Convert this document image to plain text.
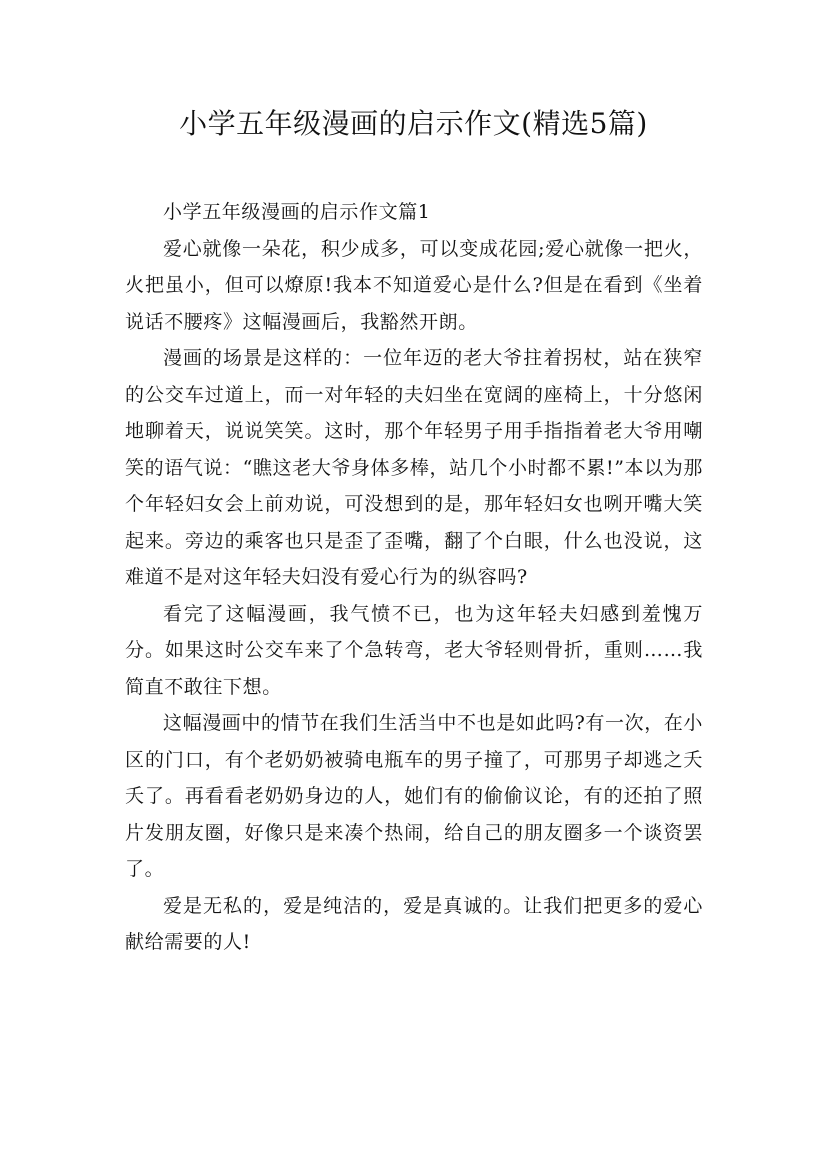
小学五年级漫画的启示作文(精选5篇)

小学五年级漫画的启示作文篇1

爱心就像一朵花，积少成多，可以变成花园;爱心就像一把火，火把虽小，但可以燎原!我本不知道爱心是什么?但是在看到《坐着说话不腰疼》这幅漫画后，我豁然开朗。

漫画的场景是这样的：一位年迈的老大爷拄着拐杖，站在狭窄的公交车过道上，而一对年轻的夫妇坐在宽阔的座椅上，十分悠闲地聊着天，说说笑笑。这时，那个年轻男子用手指指着老大爷用嘲笑的语气说：“瞧这老大爷身体多棒，站几个小时都不累!”本以为那个年轻妇女会上前劝说，可没想到的是，那年轻妇女也咧开嘴大笑起来。旁边的乘客也只是歪了歪嘴，翻了个白眼，什么也没说，这难道不是对这年轻夫妇没有爱心行为的纵容吗?

看完了这幅漫画，我气愤不已，也为这年轻夫妇感到羞愧万分。如果这时公交车来了个急转弯，老大爷轻则骨折，重则……我简直不敢往下想。

这幅漫画中的情节在我们生活当中不也是如此吗?有一次，在小区的门口，有个老奶奶被骑电瓶车的男子撞了，可那男子却逃之夭夭了。再看看老奶奶身边的人，她们有的偷偷议论，有的还拍了照片发朋友圈，好像只是来凑个热闹，给自己的朋友圈多一个谈资罢了。

爱是无私的，爱是纯洁的，爱是真诚的。让我们把更多的爱心献给需要的人!
